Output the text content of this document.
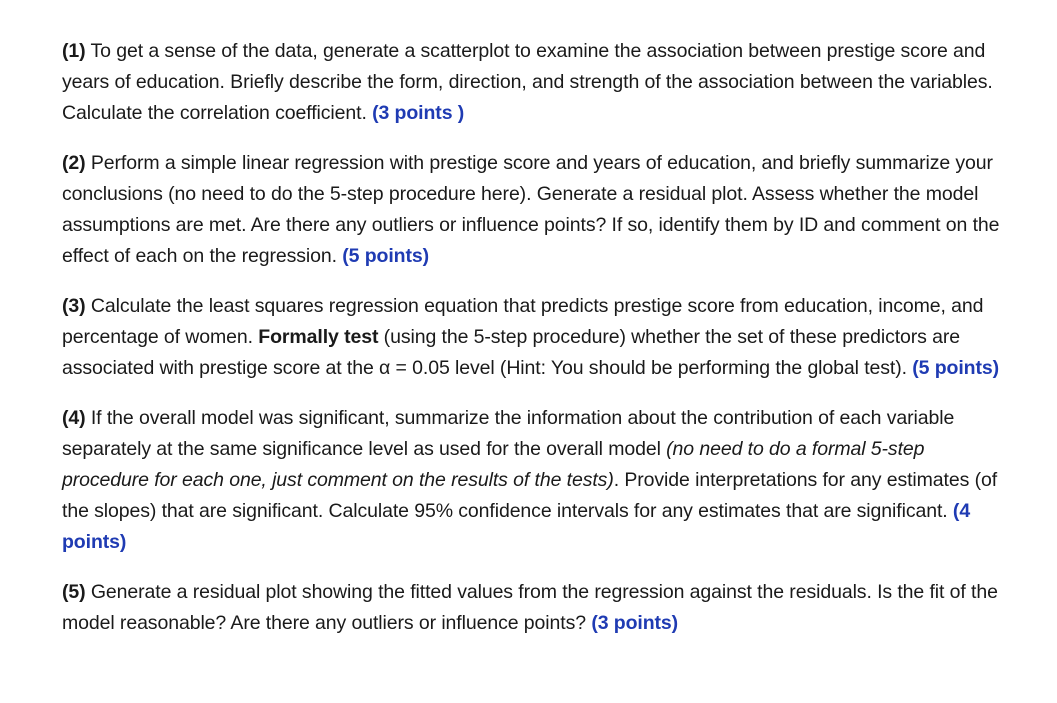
(1) To get a sense of the data, generate a scatterplot to examine the association between prestige score and years of education. Briefly describe the form, direction, and strength of the association between the variables. Calculate the correlation coefficient. (3 points )

(2) Perform a simple linear regression with prestige score and years of education, and briefly summarize your conclusions (no need to do the 5-step procedure here). Generate a residual plot. Assess whether the model assumptions are met. Are there any outliers or influence points? If so, identify them by ID and comment on the effect of each on the regression. (5 points)

(3) Calculate the least squares regression equation that predicts prestige score from education, income, and percentage of women. Formally test (using the 5-step procedure) whether the set of these predictors are associated with prestige score at the α = 0.05 level (Hint: You should be performing the global test). (5 points)

(4) If the overall model was significant, summarize the information about the contribution of each variable separately at the same significance level as used for the overall model (no need to do a formal 5-step procedure for each one, just comment on the results of the tests). Provide interpretations for any estimates (of the slopes) that are significant. Calculate 95% confidence intervals for any estimates that are significant. (4 points)

(5) Generate a residual plot showing the fitted values from the regression against the residuals. Is the fit of the model reasonable? Are there any outliers or influence points? (3 points)
